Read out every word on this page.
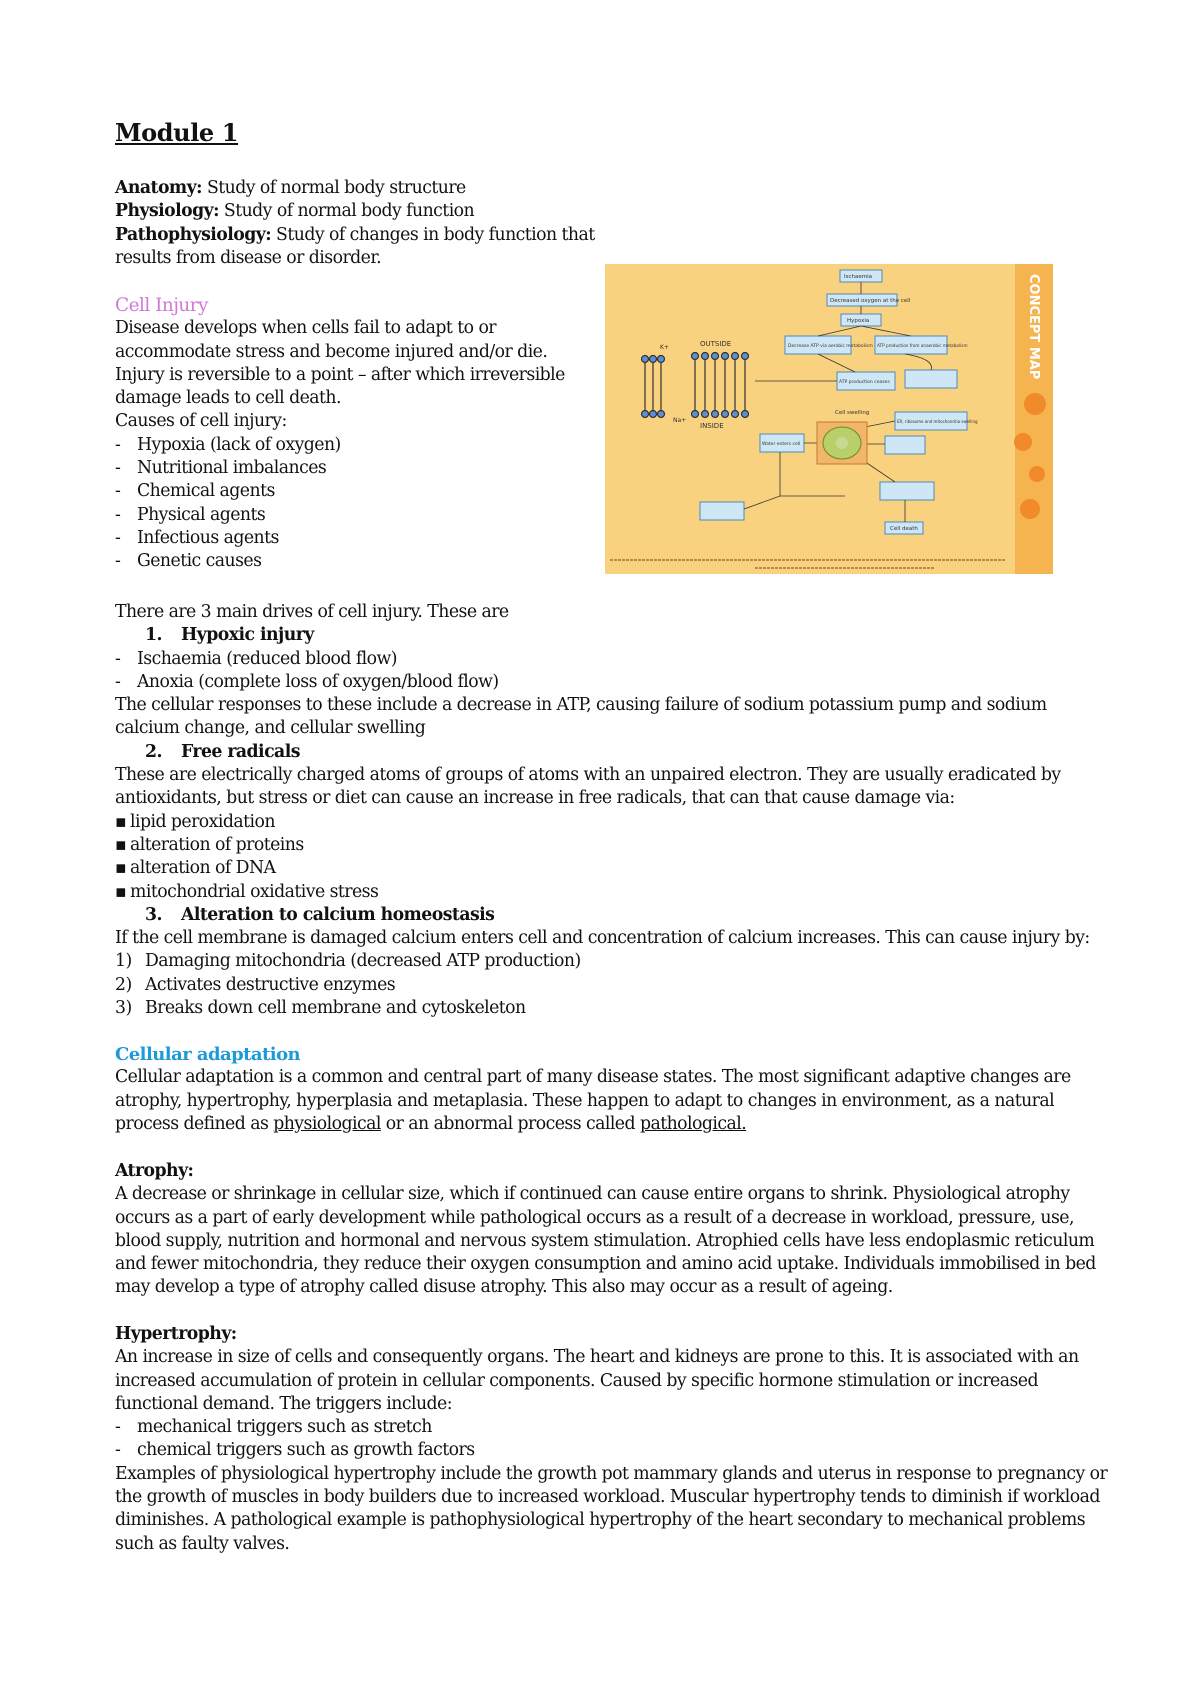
Module 1
Anatomy: Study of normal body structure
Physiology: Study of normal body function
Pathophysiology: Study of changes in body function that
results from disease or disorder.
Cell Injury
Disease develops when cells fail to adapt to or
accommodate stress and become injured and/or die.
Injury is reversible to a point – after which irreversible
damage leads to cell death.
Causes of cell injury:
- Hypoxia (lack of oxygen)
- Nutritional imbalances
- Chemical agents
- Physical agents
- Infectious agents
- Genetic causes
CONCEPT MAP
OUTSIDE
INSIDE
Na+
K+
Ischaemia
Decreased oxygen at the cell
Hypoxia
Decrease ATP via aerobic metabolism ATP production from anaerobic metabolism
ATP production ceases
Water enters cell
Cell swelling
ER, ribosome and mitochondria swelling
Cell death
There are 3 main drives of cell injury. These are
1. Hypoxic injury
- Ischaemia (reduced blood flow)
- Anoxia (complete loss of oxygen/blood flow)
The cellular responses to these include a decrease in ATP, causing failure of sodium potassium pump and sodium
calcium change, and cellular swelling
2. Free radicals
These are electrically charged atoms of groups of atoms with an unpaired electron. They are usually eradicated by
antioxidants, but stress or diet can cause an increase in free radicals, that can that cause damage via:
▪ lipid peroxidation
▪ alteration of proteins
▪ alteration of DNA
▪ mitochondrial oxidative stress
3. Alteration to calcium homeostasis
If the cell membrane is damaged calcium enters cell and concentration of calcium increases. This can cause injury by:
1) Damaging mitochondria (decreased ATP production)
2) Activates destructive enzymes
3) Breaks down cell membrane and cytoskeleton
Cellular adaptation
Cellular adaptation is a common and central part of many disease states. The most significant adaptive changes are
atrophy, hypertrophy, hyperplasia and metaplasia. These happen to adapt to changes in environment, as a natural
process defined as physiological or an abnormal process called pathological.
Atrophy:
A decrease or shrinkage in cellular size, which if continued can cause entire organs to shrink. Physiological atrophy
occurs as a part of early development while pathological occurs as a result of a decrease in workload, pressure, use,
blood supply, nutrition and hormonal and nervous system stimulation. Atrophied cells have less endoplasmic reticulum
and fewer mitochondria, they reduce their oxygen consumption and amino acid uptake. Individuals immobilised in bed
may develop a type of atrophy called disuse atrophy. This also may occur as a result of ageing.
Hypertrophy:
An increase in size of cells and consequently organs. The heart and kidneys are prone to this. It is associated with an
increased accumulation of protein in cellular components. Caused by specific hormone stimulation or increased
functional demand. The triggers include:
- mechanical triggers such as stretch
- chemical triggers such as growth factors
Examples of physiological hypertrophy include the growth pot mammary glands and uterus in response to pregnancy or
the growth of muscles in body builders due to increased workload. Muscular hypertrophy tends to diminish if workload
diminishes. A pathological example is pathophysiological hypertrophy of the heart secondary to mechanical problems
such as faulty valves.
